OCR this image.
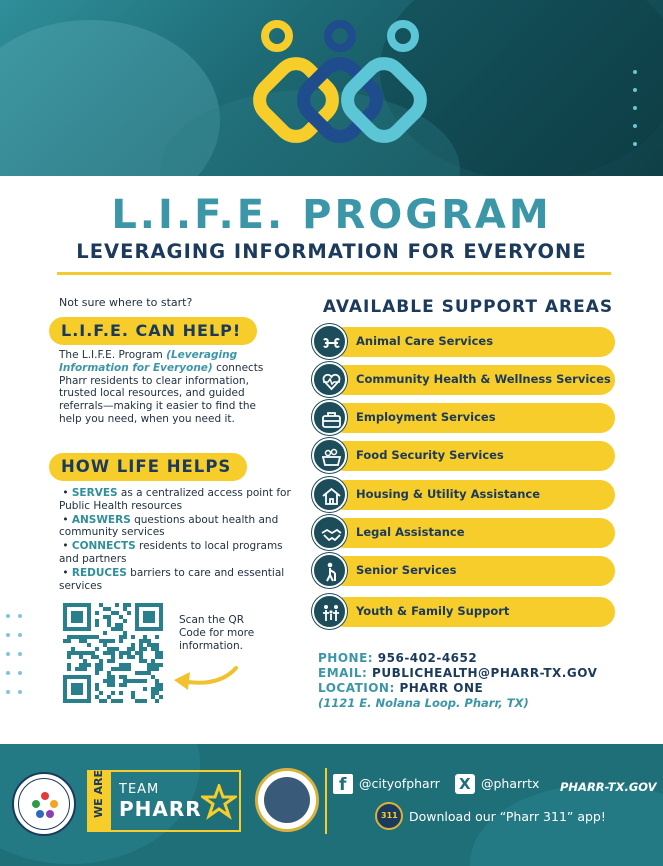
L.I.F.E. PROGRAM
LEVERAGING INFORMATION FOR EVERYONE
Not sure where to start?
L.I.F.E. CAN HELP!
The L.I.F.E. Program (Leveraging Information for Everyone) connects Pharr residents to clear information, trusted local resources, and guided referrals—making it easier to find the help you need, when you need it.
HOW LIFE HELPS
• SERVES as a centralized access point for Public Health resources
• ANSWERS questions about health and community services
• CONNECTS residents to local programs and partners
• REDUCES barriers to care and essential services
Scan the QR Code for more information.
AVAILABLE SUPPORT AREAS
Animal Care Services
Community Health & Wellness Services
Employment Services
Food Security Services
Housing & Utility Assistance
Legal Assistance
Senior Services
Youth & Family Support
PHONE: 956-402-4652
EMAIL: PUBLICHEALTH@PHARR-TX.GOV
LOCATION: PHARR ONE
(1121 E. Nolana Loop. Pharr, TX)
WE ARE TEAM
PHARR
f @cityofpharr X @pharrtx PHARR-TX.GOV
311 Download our “Pharr 311” app!
